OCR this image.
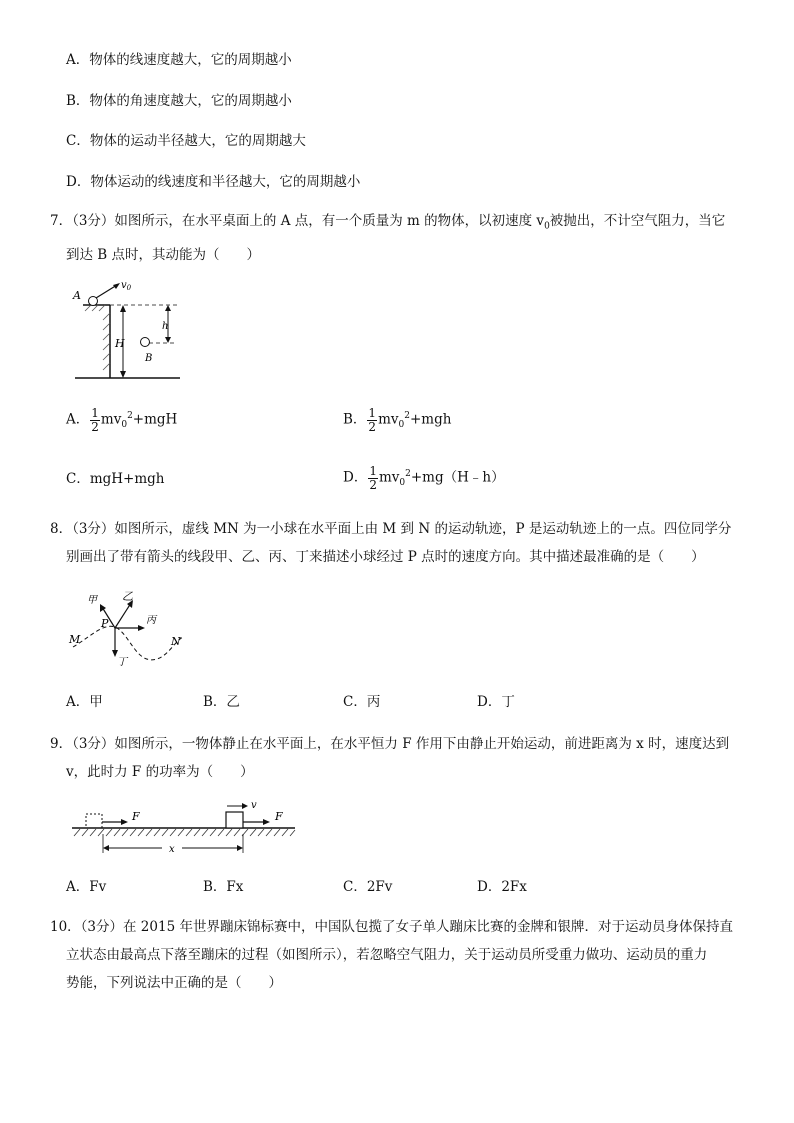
A．物体的线速度越大，它的周期越小
B．物体的角速度越大，它的周期越小
C．物体的运动半径越大，它的周期越大
D．物体运动的线速度和半径越大，它的周期越小
7．（3分）如图所示，在水平桌面上的 A 点，有一个质量为 m 的物体，以初速度 $v_0$被抛出，不计空气阻力，当它
到达 B 点时，其动能为（　　）
A
$v_0$
h
H
B
A． $\frac{1}{2} mv_0^2+mgH$	B． $\frac{1}{2} mv_0^2+mgh$
C．mgH+mgh	D． $\frac{1}{2}$ $mv_0^2+mg(H﹣h)$
8．（3分）如图所示，虚线 MN 为一小球在水平面上由 M 到 N 的运动轨迹，P 是运动轨迹上的一点。四位同学分
别画出了带有箭头的线段甲、乙、丙、丁来描述小球经过 P 点时的速度方向。其中描述最准确的是（　　）
甲 乙
丙
丁
P
M	N
A．甲	B．乙	C．丙	D．丁
9．（3分）如图所示，一物体静止在水平面上，在水平恒力 F 作用下由静止开始运动，前进距离为 x 时，速度达到
v，此时力 F 的功率为（　　）
F	F
v
x
A．Fv	B．Fx	C．2Fv	D．2Fx
10．（3分）在 2015 年世界蹦床锦标赛中，中国队包揽了女子单人蹦床比赛的金牌和银牌．对于运动员身体保持直
立状态由最高点下落至蹦床的过程（如图所示），若忽略空气阻力，关于运动员所受重力做功、运动员的重力
势能，下列说法中正确的是（　　）
